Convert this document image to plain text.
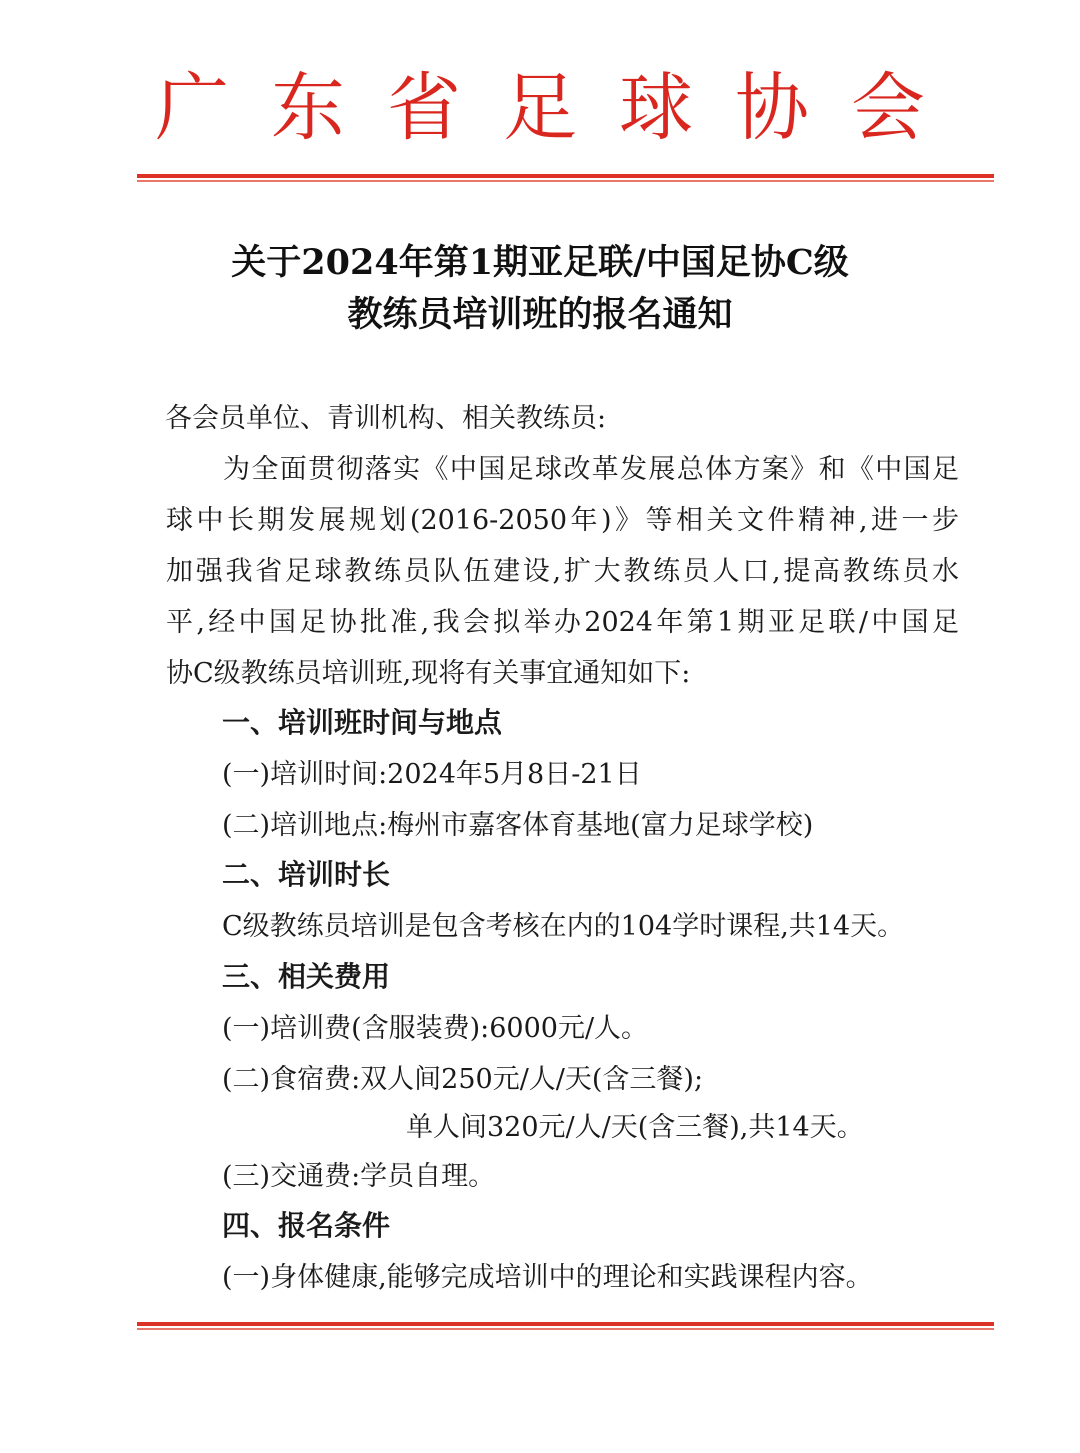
广东省足球协会
关于2024年第1期亚足联/中国足协C级
教练员培训班的报名通知
各会员单位、青训机构、相关教练员:
为全面贯彻落实《中国足球改革发展总体方案》和《中国足
球中长期发展规划(2016-2050年)》等相关文件精神,进一步
加强我省足球教练员队伍建设,扩大教练员人口,提高教练员水
平,经中国足协批准,我会拟举办2024年第1期亚足联/中国足
协C级教练员培训班,现将有关事宜通知如下:
一、培训班时间与地点
(一)培训时间:2024年5月8日-21日
(二)培训地点:梅州市嘉客体育基地(富力足球学校)
二、培训时长
C级教练员培训是包含考核在内的104学时课程,共14天。
三、相关费用
(一)培训费(含服装费):6000元/人。
(二)食宿费:双人间250元/人/天(含三餐);
单人间320元/人/天(含三餐),共14天。
(三)交通费:学员自理。
四、报名条件
(一)身体健康,能够完成培训中的理论和实践课程内容。
